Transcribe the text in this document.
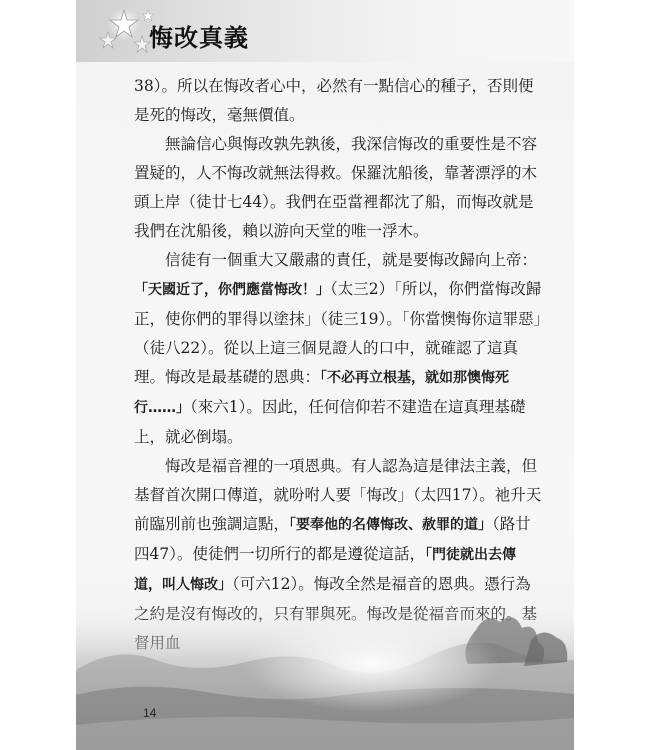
悔改真義

38）。所以在悔改者心中，必然有一點信心的種子，否則便是死的悔改，毫無價值。

無論信心與悔改孰先孰後，我深信悔改的重要性是不容置疑的，人不悔改就無法得救。保羅沈船後，靠著漂浮的木頭上岸（徒廿七44）。我們在亞當裡都沈了船，而悔改就是我們在沈船後，賴以游向天堂的唯一浮木。

信徒有一個重大又嚴肅的責任，就是要悔改歸向上帝：「天國近了，你們應當悔改！」（太三2）「所以，你們當悔改歸正，使你們的罪得以塗抹」（徒三19）。「你當懊悔你這罪惡」（徒八22）。從以上這三個見證人的口中，就確認了這真理。悔改是最基礎的恩典：「不必再立根基，就如那懊悔死行……」（來六1）。因此，任何信仰若不建造在這真理基礎上，就必倒塌。

悔改是福音裡的一項恩典。有人認為這是律法主義，但基督首次開口傳道，就吩咐人要「悔改」（太四17）。祂升天前臨別前也強調這點，「要奉他的名傳悔改、赦罪的道」（路廿四47）。使徒們一切所行的都是遵從這話，「門徒就出去傳道，叫人悔改」（可六12）。悔改全然是福音的恩典。憑行為

14
